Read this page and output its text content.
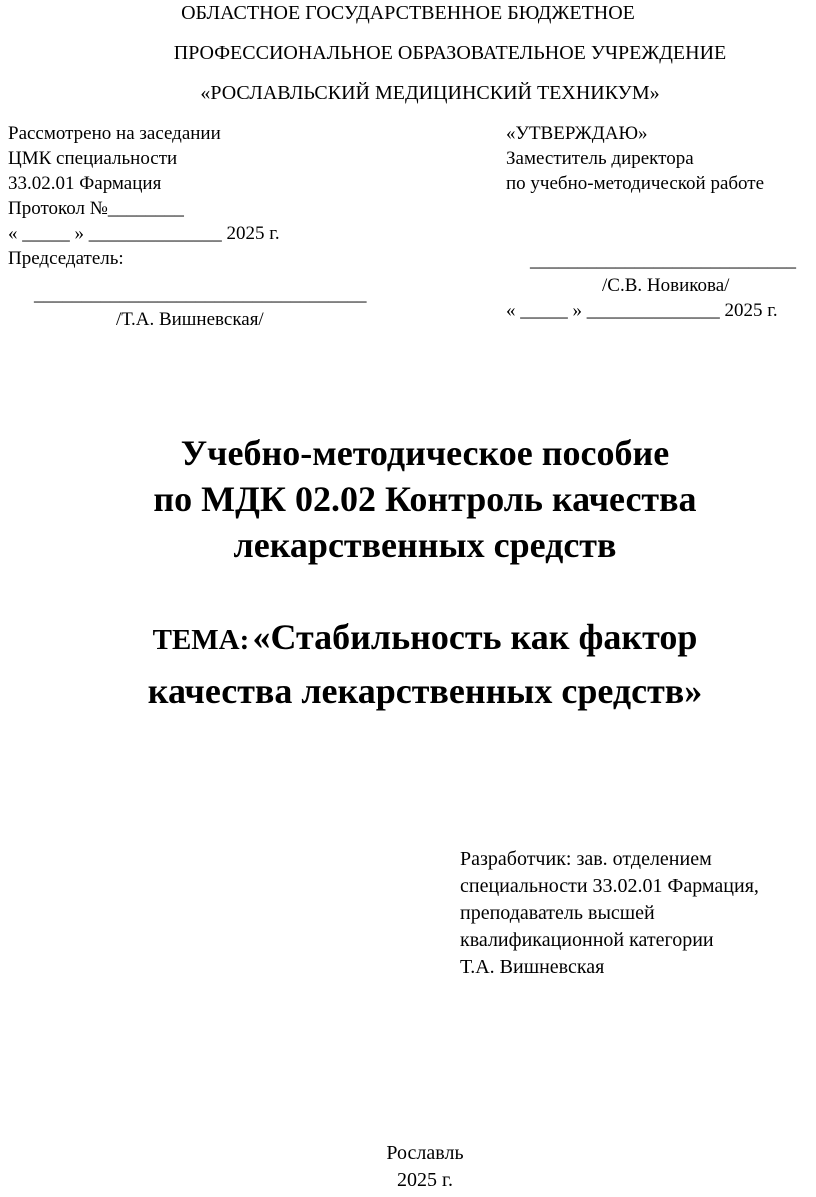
ОБЛАСТНОЕ ГОСУДАРСТВЕННОЕ БЮДЖЕТНОЕ
ПРОФЕССИОНАЛЬНОЕ ОБРАЗОВАТЕЛЬНОЕ УЧРЕЖДЕНИЕ
«РОСЛАВЛЬСКИЙ МЕДИЦИНСКИЙ ТЕХНИКУМ»
Рассмотрено на заседании
ЦМК специальности
33.02.01 Фармация
Протокол №________
« _____ » ______________ 2025 г.
Председатель:
___________________________________
/Т.А. Вишневская/
«УТВЕРЖДАЮ»
Заместитель директора
по учебно-методической работе
____________________________
/С.В. Новикова/
« _____ » ______________ 2025 г.
Учебно-методическое пособие
по МДК 02.02 Контроль качества
лекарственных средств
ТЕМА: «Стабильность как фактор
качества лекарственных средств»
Разработчик: зав. отделением
специальности 33.02.01 Фармация,
преподаватель высшей
квалификационной категории
Т.А. Вишневская
Рославль
2025 г.
